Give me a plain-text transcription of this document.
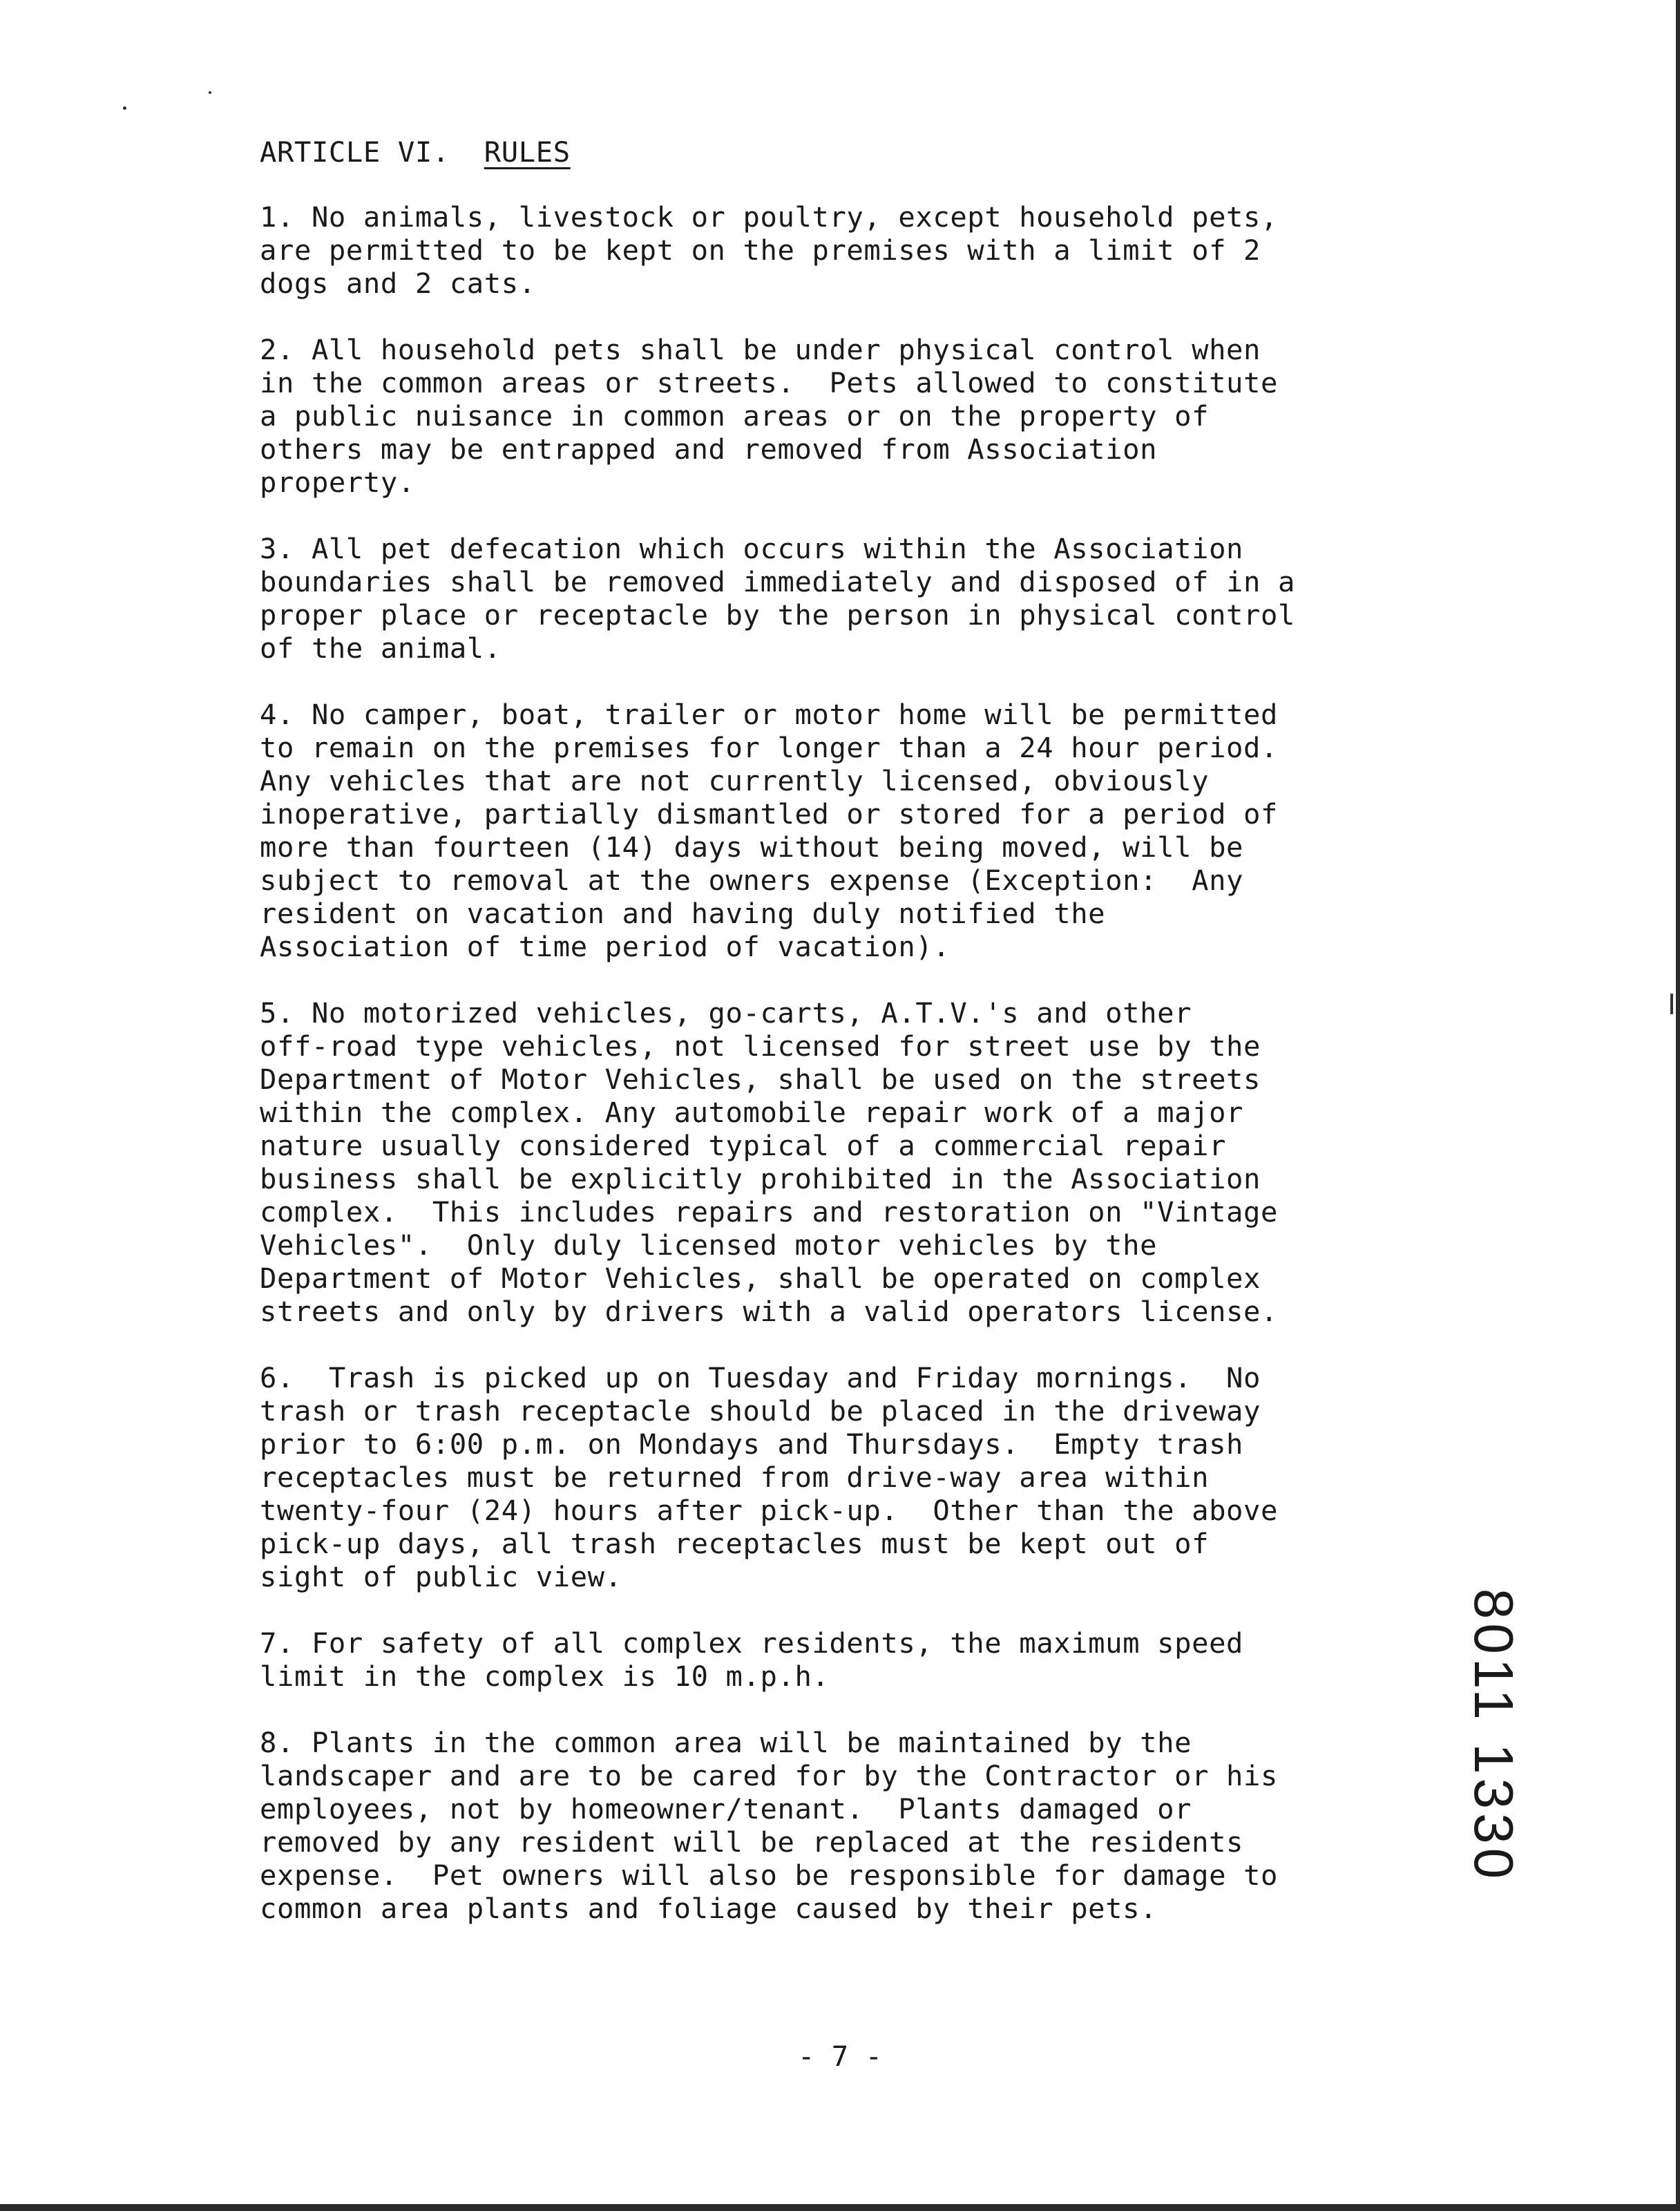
ARTICLE VI. RULES
1. No animals, livestock or poultry, except household pets,
are permitted to be kept on the premises with a limit of 2
dogs and 2 cats.
2. All household pets shall be under physical control when
in the common areas or streets.  Pets allowed to constitute
a public nuisance in common areas or on the property of
others may be entrapped and removed from Association
property.
3. All pet defecation which occurs within the Association
boundaries shall be removed immediately and disposed of in a
proper place or receptacle by the person in physical control
of the animal.
4. No camper, boat, trailer or motor home will be permitted
to remain on the premises for longer than a 24 hour period.
Any vehicles that are not currently licensed, obviously
inoperative, partially dismantled or stored for a period of
more than fourteen (14) days without being moved, will be
subject to removal at the owners expense (Exception:  Any
resident on vacation and having duly notified the
Association of time period of vacation).
5. No motorized vehicles, go-carts, A.T.V.'s and other
off-road type vehicles, not licensed for street use by the
Department of Motor Vehicles, shall be used on the streets
within the complex. Any automobile repair work of a major
nature usually considered typical of a commercial repair
business shall be explicitly prohibited in the Association
complex.  This includes repairs and restoration on "Vintage
Vehicles".  Only duly licensed motor vehicles by the
Department of Motor Vehicles, shall be operated on complex
streets and only by drivers with a valid operators license.
6.  Trash is picked up on Tuesday and Friday mornings.  No
trash or trash receptacle should be placed in the driveway
prior to 6:00 p.m. on Mondays and Thursdays.  Empty trash
receptacles must be returned from drive-way area within
twenty-four (24) hours after pick-up.  Other than the above
pick-up days, all trash receptacles must be kept out of
sight of public view.
7. For safety of all complex residents, the maximum speed
limit in the complex is 10 m.p.h.
8. Plants in the common area will be maintained by the
landscaper and are to be cared for by the Contractor or his
employees, not by homeowner/tenant.  Plants damaged or
removed by any resident will be replaced at the residents
expense.  Pet owners will also be responsible for damage to
common area plants and foliage caused by their pets.
8011 1330
- 7 -
